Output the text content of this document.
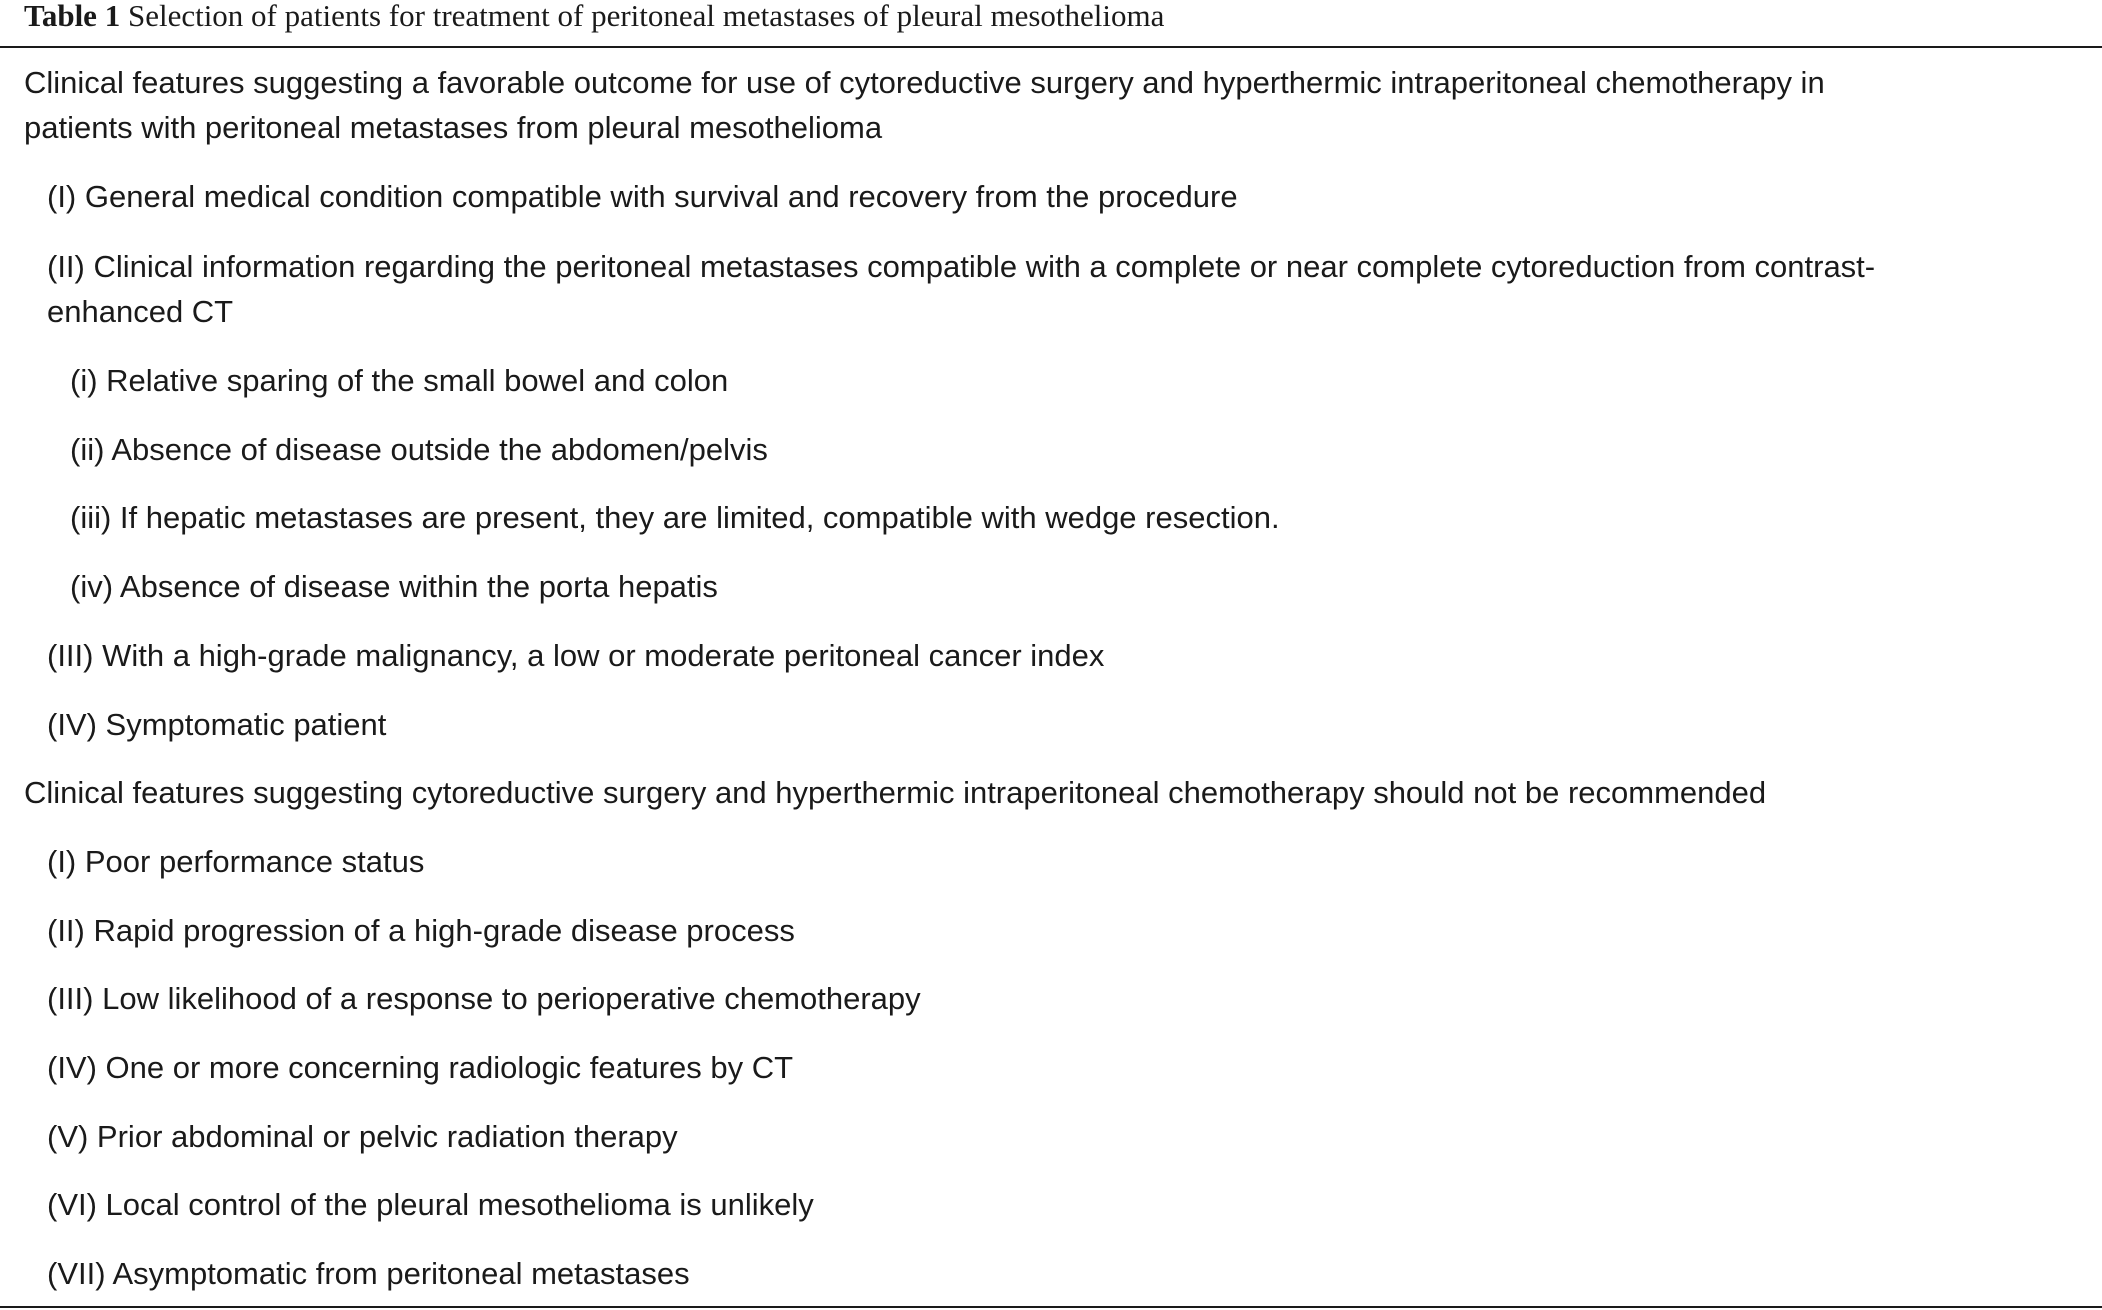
Table 1 Selection of patients for treatment of peritoneal metastases of pleural mesothelioma
Clinical features suggesting a favorable outcome for use of cytoreductive surgery and hyperthermic intraperitoneal chemotherapy in
patients with peritoneal metastases from pleural mesothelioma
(I) General medical condition compatible with survival and recovery from the procedure
(II) Clinical information regarding the peritoneal metastases compatible with a complete or near complete cytoreduction from contrast-
enhanced CT
(i) Relative sparing of the small bowel and colon
(ii) Absence of disease outside the abdomen/pelvis
(iii) If hepatic metastases are present, they are limited, compatible with wedge resection.
(iv) Absence of disease within the porta hepatis
(III) With a high-grade malignancy, a low or moderate peritoneal cancer index
(IV) Symptomatic patient
Clinical features suggesting cytoreductive surgery and hyperthermic intraperitoneal chemotherapy should not be recommended
(I) Poor performance status
(II) Rapid progression of a high-grade disease process
(III) Low likelihood of a response to perioperative chemotherapy
(IV) One or more concerning radiologic features by CT
(V) Prior abdominal or pelvic radiation therapy
(VI) Local control of the pleural mesothelioma is unlikely
(VII) Asymptomatic from peritoneal metastases
